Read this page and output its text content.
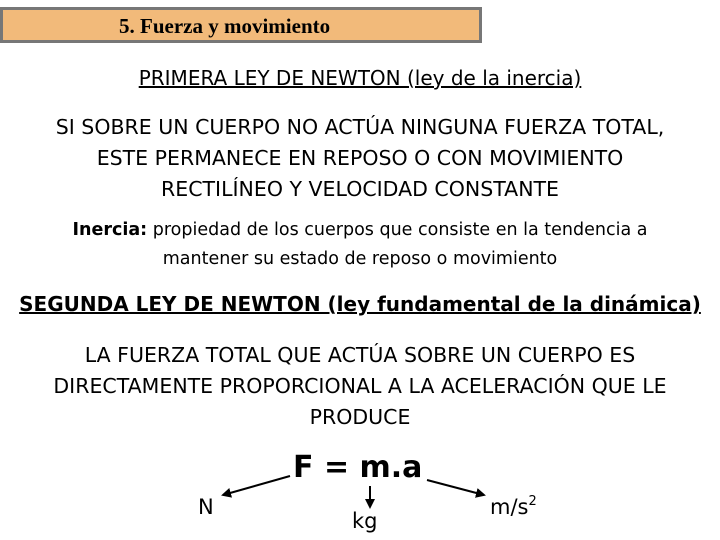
5. Fuerza y movimiento
PRIMERA LEY DE NEWTON (ley de la inercia)
SI SOBRE UN CUERPO NO ACTÚA NINGUNA FUERZA TOTAL,
ESTE PERMANECE EN REPOSO O CON MOVIMIENTO
RECTILÍNEO Y VELOCIDAD CONSTANTE
Inercia: propiedad de los cuerpos que consiste en la tendencia a
mantener su estado de reposo o movimiento
SEGUNDA LEY DE NEWTON (ley fundamental de la dinámica)
LA FUERZA TOTAL QUE ACTÚA SOBRE UN CUERPO ES
DIRECTAMENTE PROPORCIONAL A LA ACELERACIÓN QUE LE
PRODUCE
F = m.a
N
kg
$m/s^2$
